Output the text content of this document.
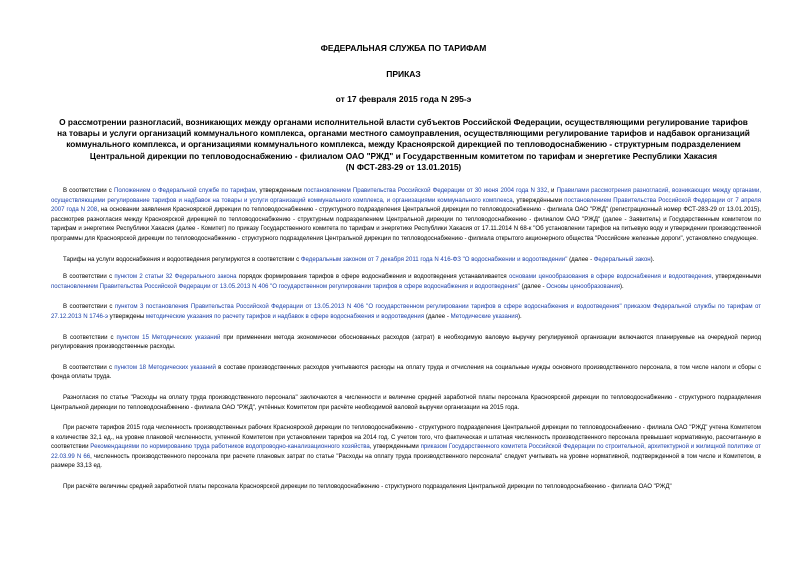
ФЕДЕРАЛЬНАЯ СЛУЖБА ПО ТАРИФАМ
ПРИКАЗ
от 17 февраля 2015 года N 295-э
О рассмотрении разногласий, возникающих между органами исполнительной власти субъектов Российской Федерации, осуществляющими регулирование тарифов на товары и услуги организаций коммунального комплекса, органами местного самоуправления, осуществляющими регулирование тарифов и надбавок организаций коммунального комплекса, и организациями коммунального комплекса, между Красноярской дирекцией по тепловодоснабжению - структурным подразделением Центральной дирекции по тепловодоснабжению - филиалом ОАО "РЖД" и Государственным комитетом по тарифам и энергетике Республики Хакасия
(N ФСТ-283-29 от 13.01.2015)

В соответствии с Положением о Федеральной службе по тарифам, утвержденным постановлением Правительства Российской Федерации от 30 июня 2004 года N 332, и Правилами рассмотрения разногласий, возникающих между органами, осуществляющими регулирование тарифов и надбавок на товары и услуги организаций коммунального комплекса, и организациями коммунального комплекса, утверждёнными постановлением Правительства Российской Федерации от 7 апреля 2007 года N 208, на основании заявления Красноярской дирекции по тепловодоснабжению - структурного подразделения Центральной дирекции по тепловодоснабжению - филиала ОАО "РЖД" (регистрационный номер ФСТ-283-29 от 13.01.2015), рассмотрев разногласия между Красноярской дирекцией по тепловодоснабжению - структурным подразделением Центральной дирекции по тепловодоснабжению - филиалом ОАО "РЖД" (далее - Заявитель) и Государственным комитетом по тарифам и энергетике Республики Хакасия (далее - Комитет) по приказу Государственного комитета по тарифам и энергетике Республики Хакасия от 17.11.2014 N 68-к "Об установлении тарифов на питьевую воду и утверждении производственной программы для Красноярской дирекции по тепловодоснабжению - структурного подразделения Центральной дирекции по тепловодоснабжению - филиала открытого акционерного общества "Российские железные дороги", установлено следующее.

Тарифы на услуги водоснабжения и водоотведения регулируются в соответствии с Федеральным законом от 7 декабря 2011 года N 416-ФЗ "О водоснабжении и водоотведении" (далее - Федеральный закон).

В соответствии с пунктом 2 статьи 32 Федерального закона порядок формирования тарифов в сфере водоснабжения и водоотведения устанавливается основами ценообразования в сфере водоснабжения и водоотведения, утвержденными постановлением Правительства Российской Федерации от 13.05.2013 N 406 "О государственном регулировании тарифов в сфере водоснабжения и водоотведения" (далее - Основы ценообразования).

В соответствии с пунктом 3 постановления Правительства Российской Федерации от 13.05.2013 N 406 "О государственном регулировании тарифов в сфере водоснабжения и водоотведения" приказом Федеральной службы по тарифам от 27.12.2013 N 1746-э утверждены методические указания по расчету тарифов и надбавок в сфере водоснабжения и водоотведения (далее - Методические указания).

В соответствии с пунктом 15 Методических указаний при применении метода экономически обоснованных расходов (затрат) в необходимую валовую выручку регулируемой организации включаются планируемые на очередной период регулирования производственные расходы.

В соответствии с пунктом 18 Методических указаний в составе производственных расходов учитываются расходы на оплату труда и отчисления на социальные нужды основного производственного персонала, в том числе налоги и сборы с фонда оплаты труда.

Разногласия по статье "Расходы на оплату труда производственного персонала" заключаются в численности и величине средней заработной платы персонала Красноярской дирекции по тепловодоснабжению - структурного подразделения Центральной дирекции по тепловодоснабжению - филиала ОАО "РЖД", учтённых Комитетом при расчёте необходимой валовой выручки организации на 2015 года.

При расчете тарифов 2015 года численность производственных рабочих Красноярской дирекции по тепловодоснабжению - структурного подразделения Центральной дирекции по тепловодоснабжению - филиала ОАО "РЖД" учтена Комитетом в количестве 32,1 ед., на уровне плановой численности, учтенной Комитетом при установлении тарифов на 2014 год. С учетом того, что фактическая и штатная численность производственного персонала превышает нормативную, рассчитанную в соответствии Рекомендациями по нормированию труда работников водопроводно-канализационного хозяйства, утвержденными приказом Государственного комитета Российской Федерации по строительной, архитектурной и жилищной политике от 22.03.99 N 66, численность производственного персонала при расчете плановых затрат по статье "Расходы на оплату труда производственного персонала" следует учитывать на уровне нормативной, подтвержденной в том числе и Комитетом, в размере 33,13 ед.

При расчёте величины средней заработной платы персонала Красноярской дирекции по тепловодоснабжению - структурного подразделения Центральной дирекции по тепловодоснабжению - филиала ОАО "РЖД"
